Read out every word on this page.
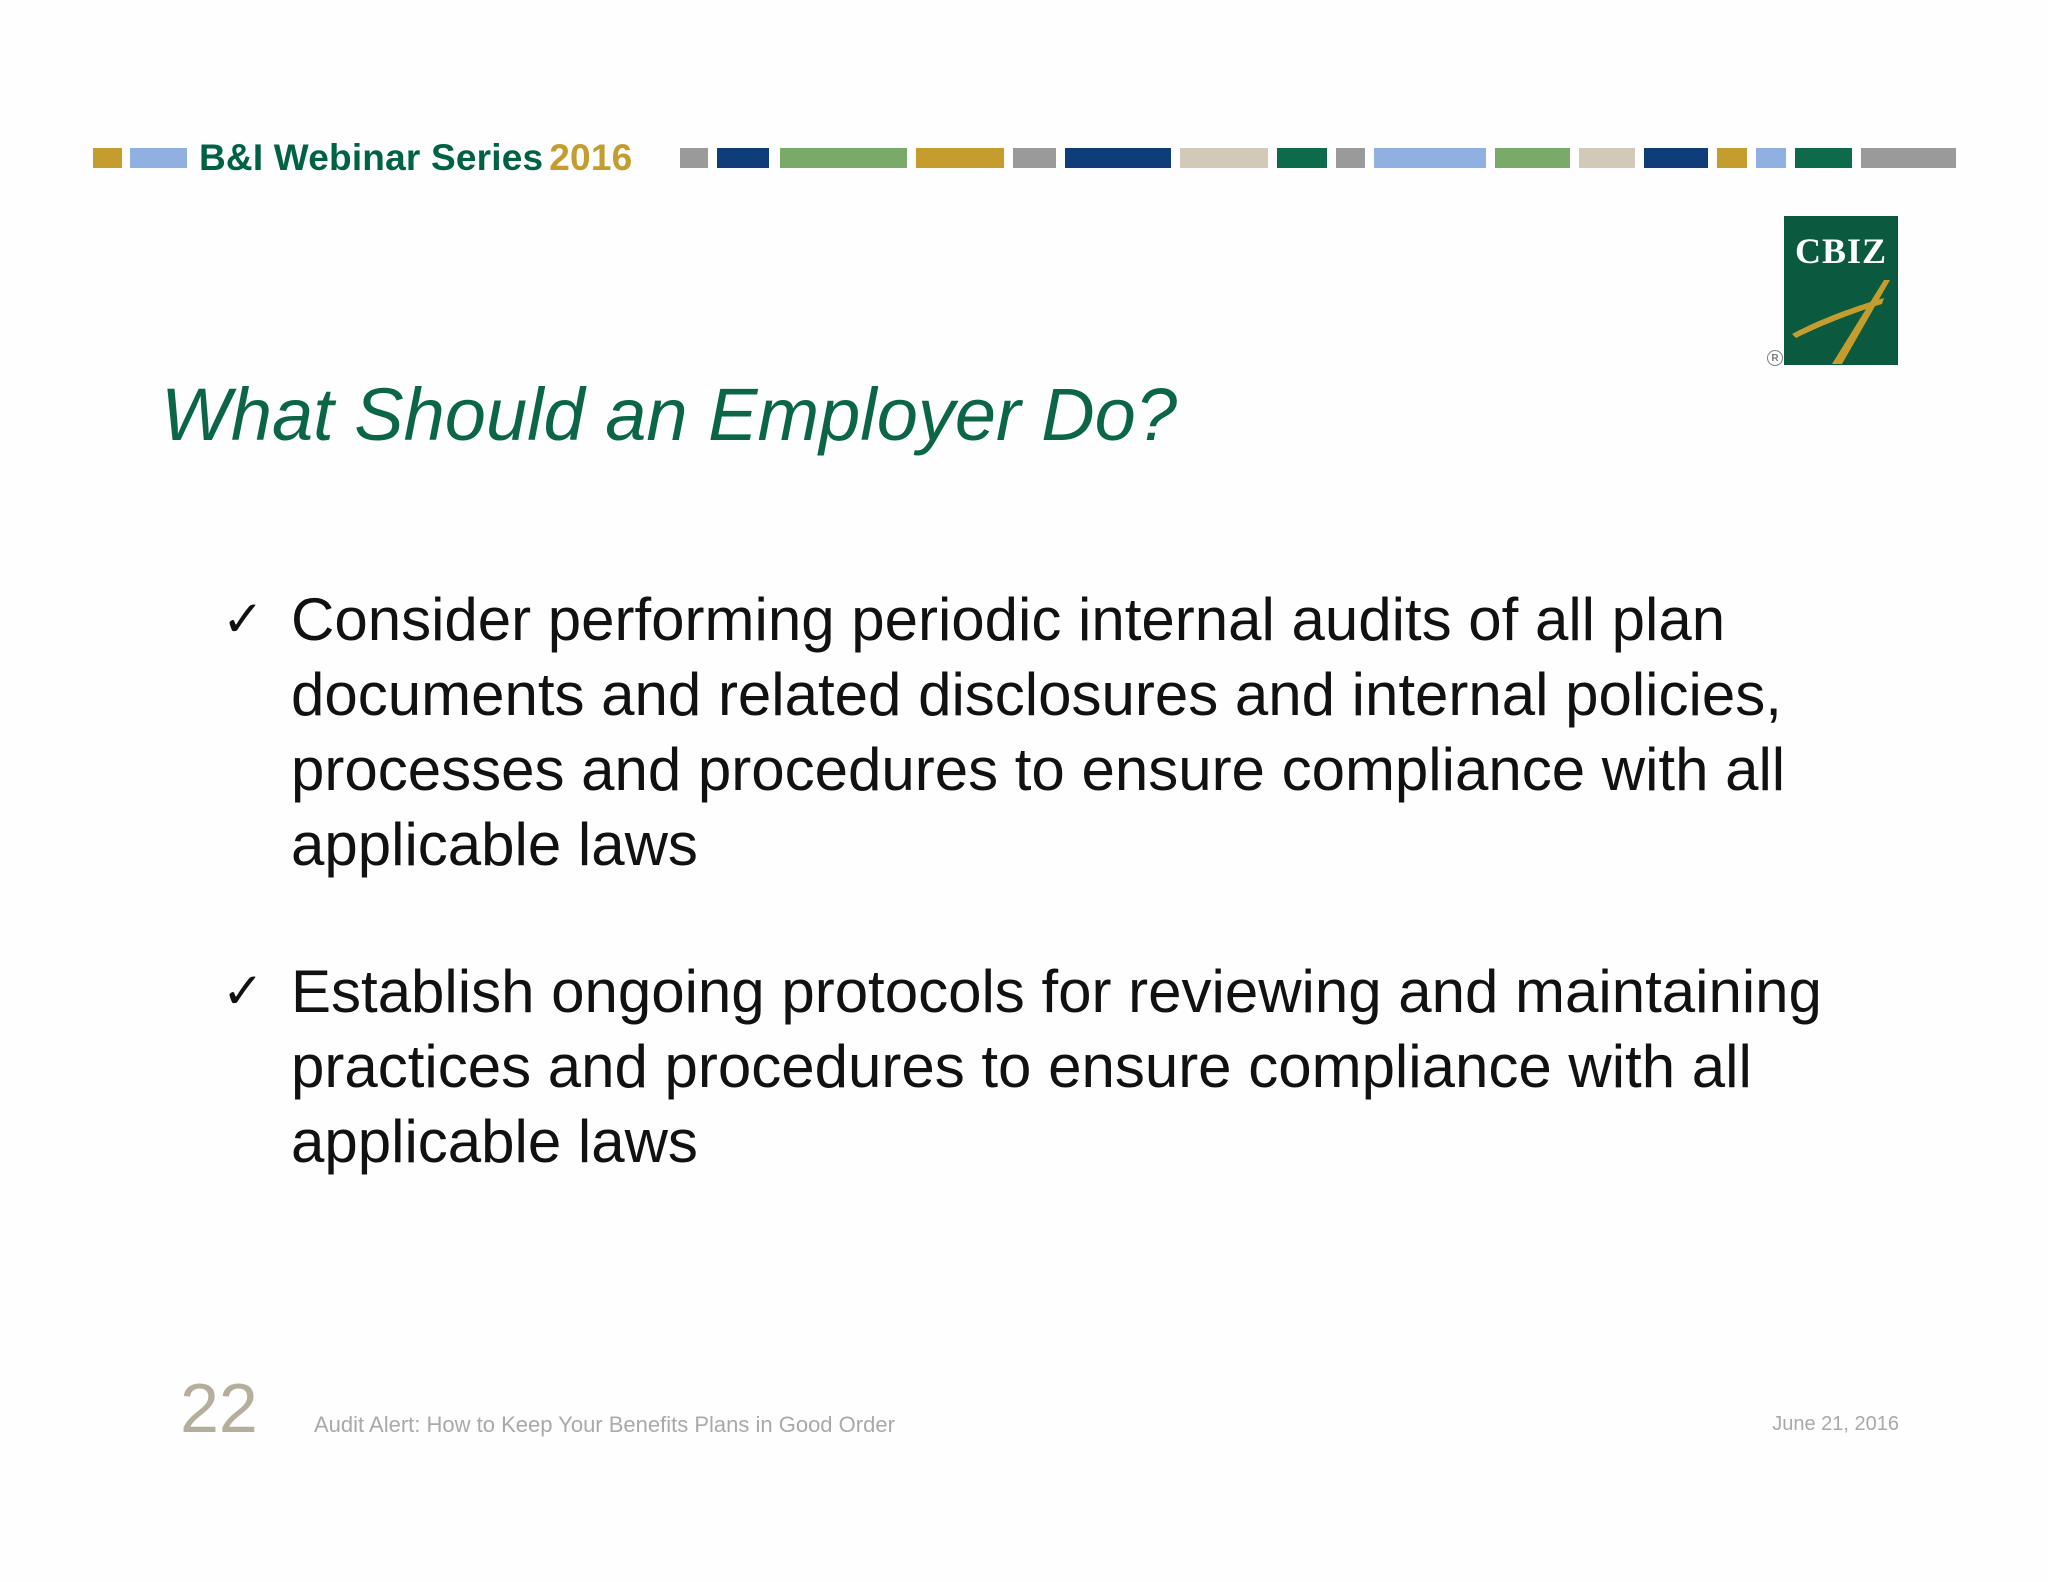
B&I Webinar Series 2016
CBIZ
R
What Should an Employer Do?
✓ Consider performing periodic internal audits of all plan documents and related disclosures and internal policies, processes and procedures to ensure compliance with all applicable laws
✓ Establish ongoing protocols for reviewing and maintaining practices and procedures to ensure compliance with all applicable laws
22	Audit Alert: How to Keep Your Benefits Plans in Good Order	June 21, 2016
